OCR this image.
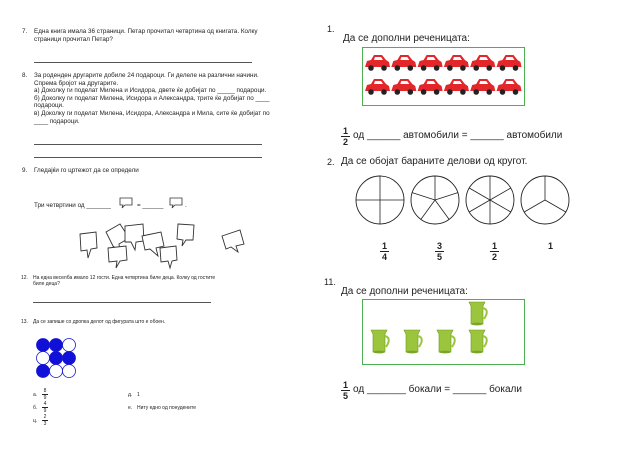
7. Една книга имала 36 страници. Петар прочитал четвртина од книгата. Колку
страници прочитал Петар?
8. За роденден другарите добиле 24 подароци. Ги делеле на различни начини.
Спрема бројот на другарите.
а) Доколку ги поделат Милена и Исидора, двете ќе добијат по _____ подароци.
б) Доколку ги поделат Милена, Исидора и Александра, трите ќе добијат по ____
подароци.
в) Доколку ги поделат Милена, Исидора, Александра и Мила, сите ќе добијат по
____ подароци.
9. Гледајќи го цртежот да се определи
Три четвртини од _______	= ______	.
12. На една веселба имало 12 гости. Една четвртина биле деца. Колку од гостите
биле деца?
13. Да се запише со дропка делот од фигурата што е обоен.
а.
8
9	д. 1
б.
4
9	е. Ниту едно од понудените
ц.
2
3
1.
Да се дополни реченицата:
1
2
од ______ автомобили = ______ автомобили
2. Да се обојат бараните делови од кругот.
1
4
3
5
1
2
1
11.
Да се дополни реченицата:
1
5
од _______ бокали = ______ бокали
